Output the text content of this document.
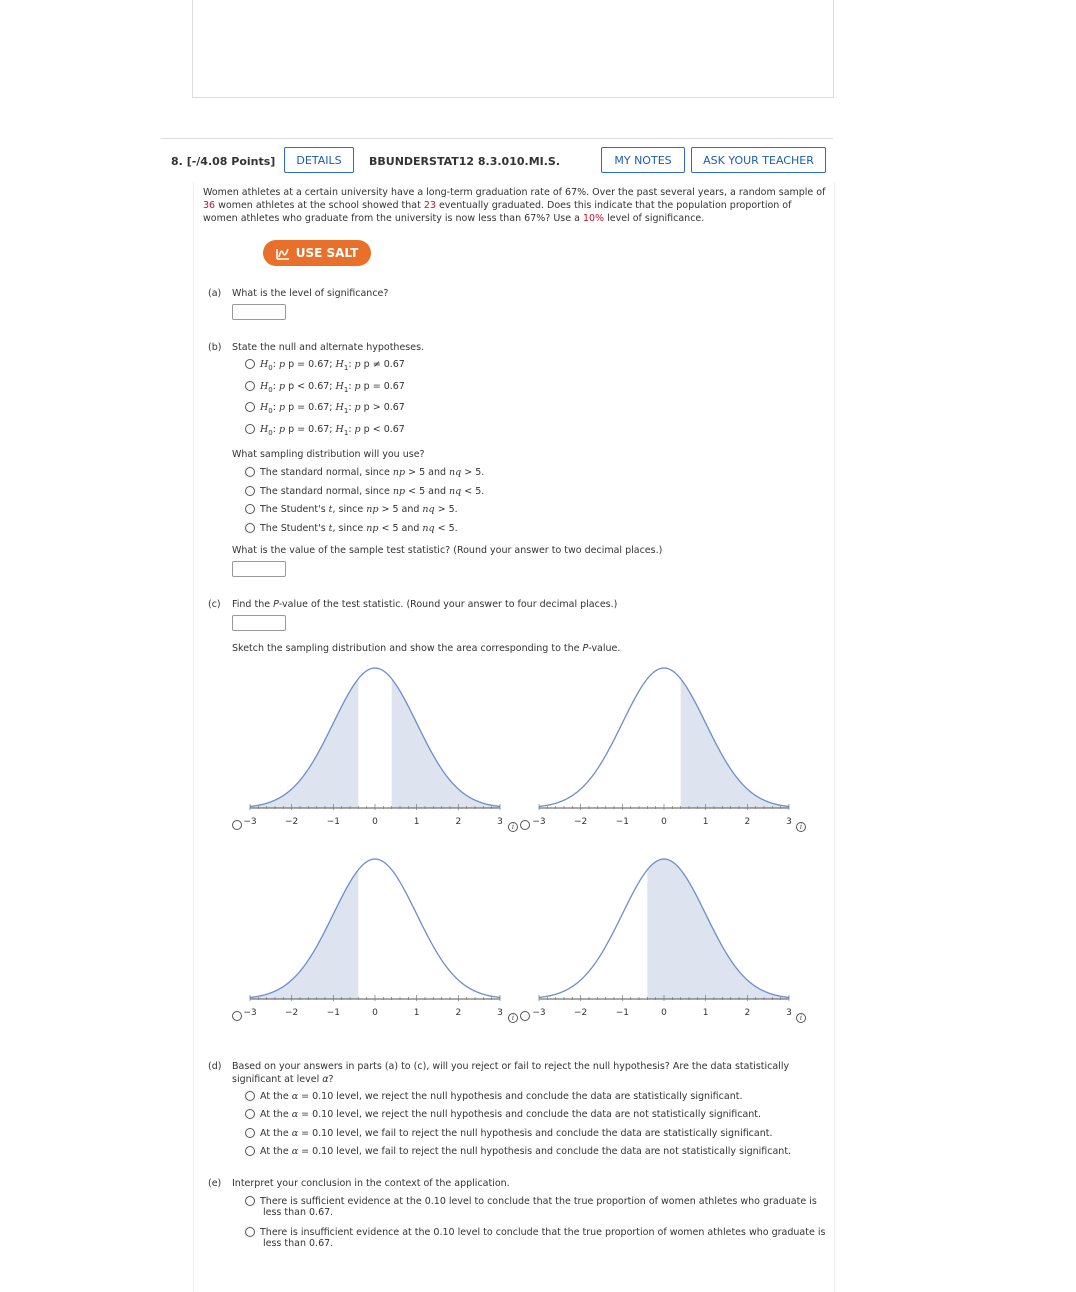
8. [-/4.08 Points]	DETAILS	BBUNDERSTAT12 8.3.010.MI.S.	MY NOTES	ASK YOUR TEACHER
Women athletes at a certain university have a long-term graduation rate of 67%. Over the past several years, a random sample of
36 women athletes at the school showed that 23 eventually graduated. Does this indicate that the population proportion of
women athletes who graduate from the university is now less than 67%? Use a 10% level of significance.
USE SALT
(a) What is the level of significance?
(b) State the null and alternate hypotheses.
$H_0$: p p = 0.67; $H_1$: p p ≠ 0.67
$H_0$: p p < 0.67; $H_1$: p p = 0.67
$H_0$: p p = 0.67; $H_1$: p p > 0.67
$H_0$: p p = 0.67; $H_1$: p p < 0.67
What sampling distribution will you use?
The standard normal, since np > 5 and nq > 5.
The standard normal, since np < 5 and nq < 5.
The Student's t, since np > 5 and nq > 5.
The Student's t, since np < 5 and nq < 5.
What is the value of the sample test statistic? (Round your answer to two decimal places.)
(c) Find the P-value of the test statistic. (Round your answer to four decimal places.)
Sketch the sampling distribution and show the area corresponding to the P-value.
−3	−2	−1	0	1	2	3	i	−3	−2	−1	0	1	2	3	i
−3	−2	−1	0	1	2	3	i	−3	−2	−1	0	1	2	3	i
(d) Based on your answers in parts (a) to (c), will you reject or fail to reject the null hypothesis? Are the data statistically
significant at level α?
At the α = 0.10 level, we reject the null hypothesis and conclude the data are statistically significant.
At the α = 0.10 level, we reject the null hypothesis and conclude the data are not statistically significant.
At the α = 0.10 level, we fail to reject the null hypothesis and conclude the data are statistically significant.
At the α = 0.10 level, we fail to reject the null hypothesis and conclude the data are not statistically significant.
(e) Interpret your conclusion in the context of the application.
There is sufficient evidence at the 0.10 level to conclude that the true proportion of women athletes who graduate is
less than 0.67.
There is insufficient evidence at the 0.10 level to conclude that the true proportion of women athletes who graduate is
less than 0.67.
